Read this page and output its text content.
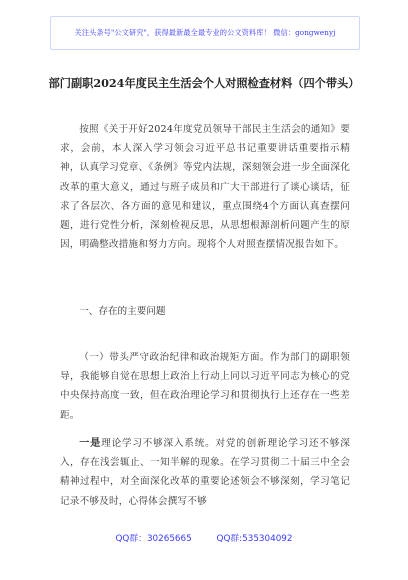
关注头条号"公文研究"，获得最新最全最专业的公文资料库！ 微信：gongwenyj
部门副职2024年度民主生活会个人对照检查材料（四个带头）
按照《关于开好2024年度党员领导干部民主生活会的通知》要求，会前，本人深入学习领会习近平总书记重要讲话重要指示精神，认真学习党章、《条例》等党内法规，深刻领会进一步全面深化改革的重大意义，通过与班子成员和广大干部进行了谈心谈话，征求了各层次、各方面的意见和建议，重点围绕4个方面认真查摆问题，进行党性分析，深刻检视反思，从思想根源剖析问题产生的原因，明确整改措施和努力方向。现将个人对照查摆情况报告如下。
一、存在的主要问题
（一）带头严守政治纪律和政治规矩方面。作为部门的副职领导，我能够自觉在思想上政治上行动上同以习近平同志为核心的党中央保持高度一致，但在政治理论学习和贯彻执行上还存在一些差距。
一是理论学习不够深入系统。对党的创新理论学习还不够深入，存在浅尝辄止、一知半解的现象。在学习贯彻二十届三中全会精神过程中，对全面深化改革的重要论述领会不够深刻，学习笔记记录不够及时，心得体会撰写不够
QQ群：30265665	QQ群:535304092
